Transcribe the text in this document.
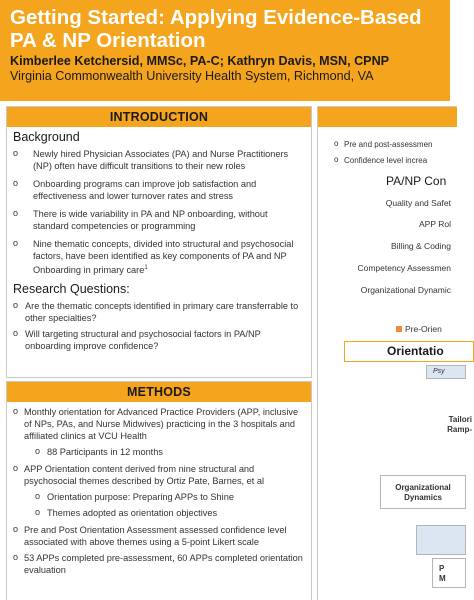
Getting Started: Applying Evidence-Based
PA & NP Orientation
Kimberlee Ketchersid, MMSc, PA-C; Kathryn Davis, MSN, CPNP
Virginia Commonwealth University Health System, Richmond, VA
INTRODUCTION
Background
o Newly hired Physician Associates (PA) and Nurse Practitioners (NP) often have difficult transitions to their new roles
o Onboarding programs can improve job satisfaction and effectiveness and lower turnover rates and stress
o There is wide variability in PA and NP onboarding, without standard competencies or programming
o Nine thematic concepts, divided into structural and psychosocial factors, have been identified as key components of PA and NP Onboarding in primary care$^1$
Research Questions:
o Are the thematic concepts identified in primary care transferrable to other specialties?
o Will targeting structural and psychosocial factors in PA/NP onboarding improve confidence?
METHODS
o Monthly orientation for Advanced Practice Providers (APP, inclusive of NPs, PAs, and Nurse Midwives) practicing in the 3 hospitals and affiliated clinics at VCU Health
o 88 Participants in 12 months
o APP Orientation content derived from nine structural and psychosocial themes described by Ortiz Pate, Barnes, et al
o Orientation purpose: Preparing APPs to Shine
o Themes adopted as orientation objectives
o Pre and Post Orientation Assessment assessed confidence level associated with above themes using a 5-point Likert scale
o 53 APPs completed pre-assessment, 60 APPs completed orientation evaluation
o Pre and post-assessmen
o Confidence level increa
PA/NP Con
Quality and Safet
APP Rol
Billing & Coding
Competency Assessmen
Organizational Dynamic
Pre-Orien
Orientatio
Psy
Tailori
Ramp-
Organizational
Dynamics
P
M
